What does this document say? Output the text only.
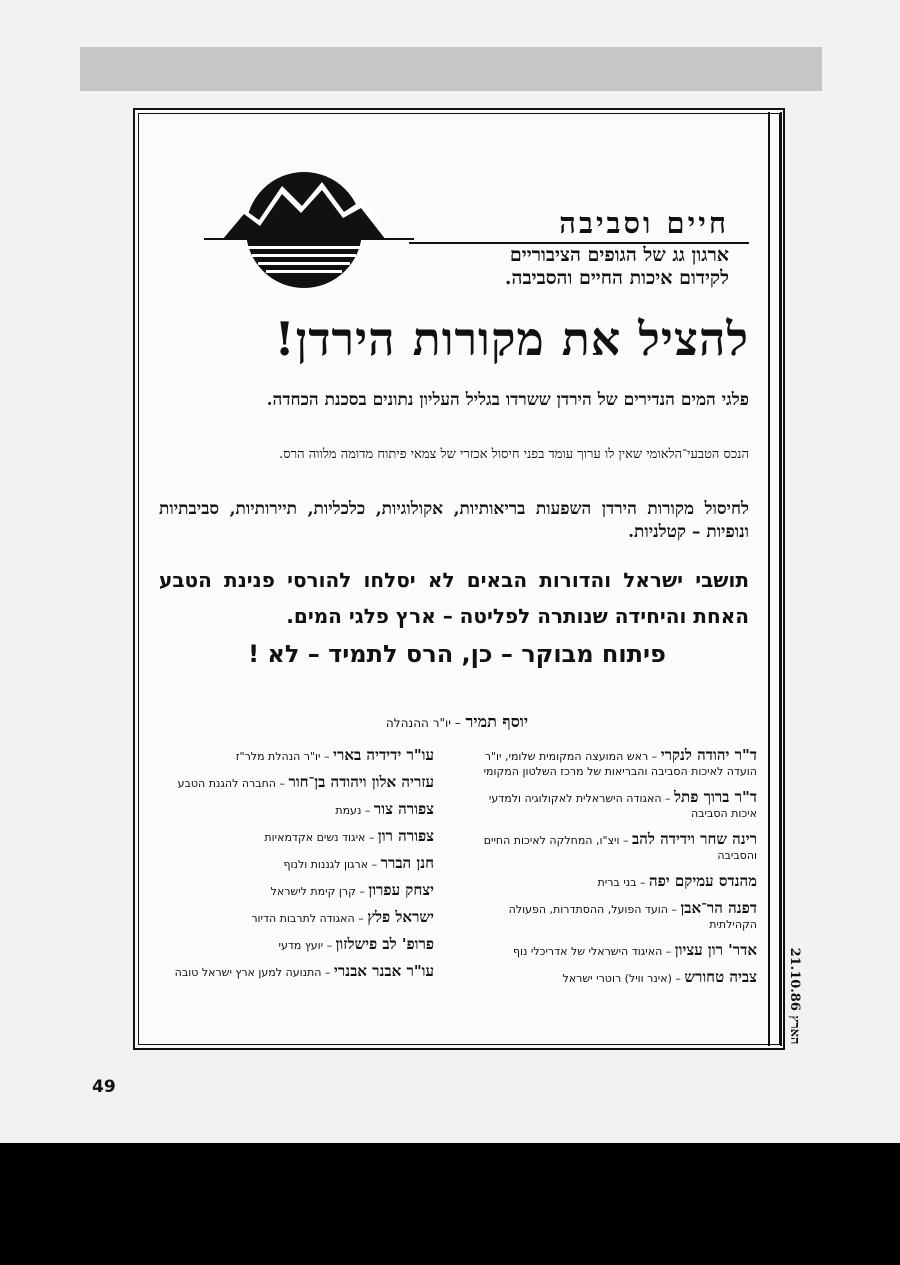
חיים וסביבה
ארגון גג של הגופים הציבוריים
לקידום איכות החיים והסביבה.
להציל את מקורות הירדן!
פלגי המים הנדירים של הירדן ששרדו בגליל העליון נתונים בסכנת הכחדה.
הנכס הטבעי־הלאומי שאין לו ערוך עומד בפני חיסול אכזרי של צמאי פיתוח מדומה מלווה הרס.
לחיסול מקורות הירדן השפעות בריאותיות, אקולוגיות, כלכליות, תיירותיות, סביבתיות ונופיות – קטלניות.
תושבי ישראל והדורות הבאים לא יסלחו להורסי פנינת הטבע האחת והיחידה שנותרה לפליטה – ארץ פלגי המים.
פיתוח מבוקר – כן, הרס לתמיד – לא !
יוסף תמיר – יו"ר ההנהלה
ד"ר יהודה לנקרי – ראש המועצה המקומית שלומי, יו"ר הועדה לאיכות הסביבה והבריאות של מרכז השלטון המקומי
ד"ר ברוך פתל – האגודה הישראלית לאקולוגיה ולמדעי איכות הסביבה
רינה שחר וידידה להב – ויצ"ו, המחלקה לאיכות החיים והסביבה
מהנדס עמיקם יפה – בני ברית
דפנה הר־אבן – הועד הפועל, ההסתדרות, הפעולה הקהילתית
אדר' רון עציון – האיגוד הישראלי של אדריכלי נוף
צביה טחורש – (אינר וויל) רוטרי ישראל
עו"ר ידידיה בארי – יו"ר הנהלת מלר"ז
עזריה אלון ויהודה בן־חור – החברה להגנת הטבע
צפורה צור – נעמת
צפורה רון – איגוד נשים אקדמאיות
חנן הברר – ארגון לגננות ולנוף
יצחק עפרון – קרן קימת לישראל
ישראל פלץ – האגודה לתרבות הדיור
פרופ' לב פישלזון – יועץ מדעי
עו"ר אבנר אבנרי – התנועה למען ארץ ישראל טובה	הארץ 21.10.86
49
